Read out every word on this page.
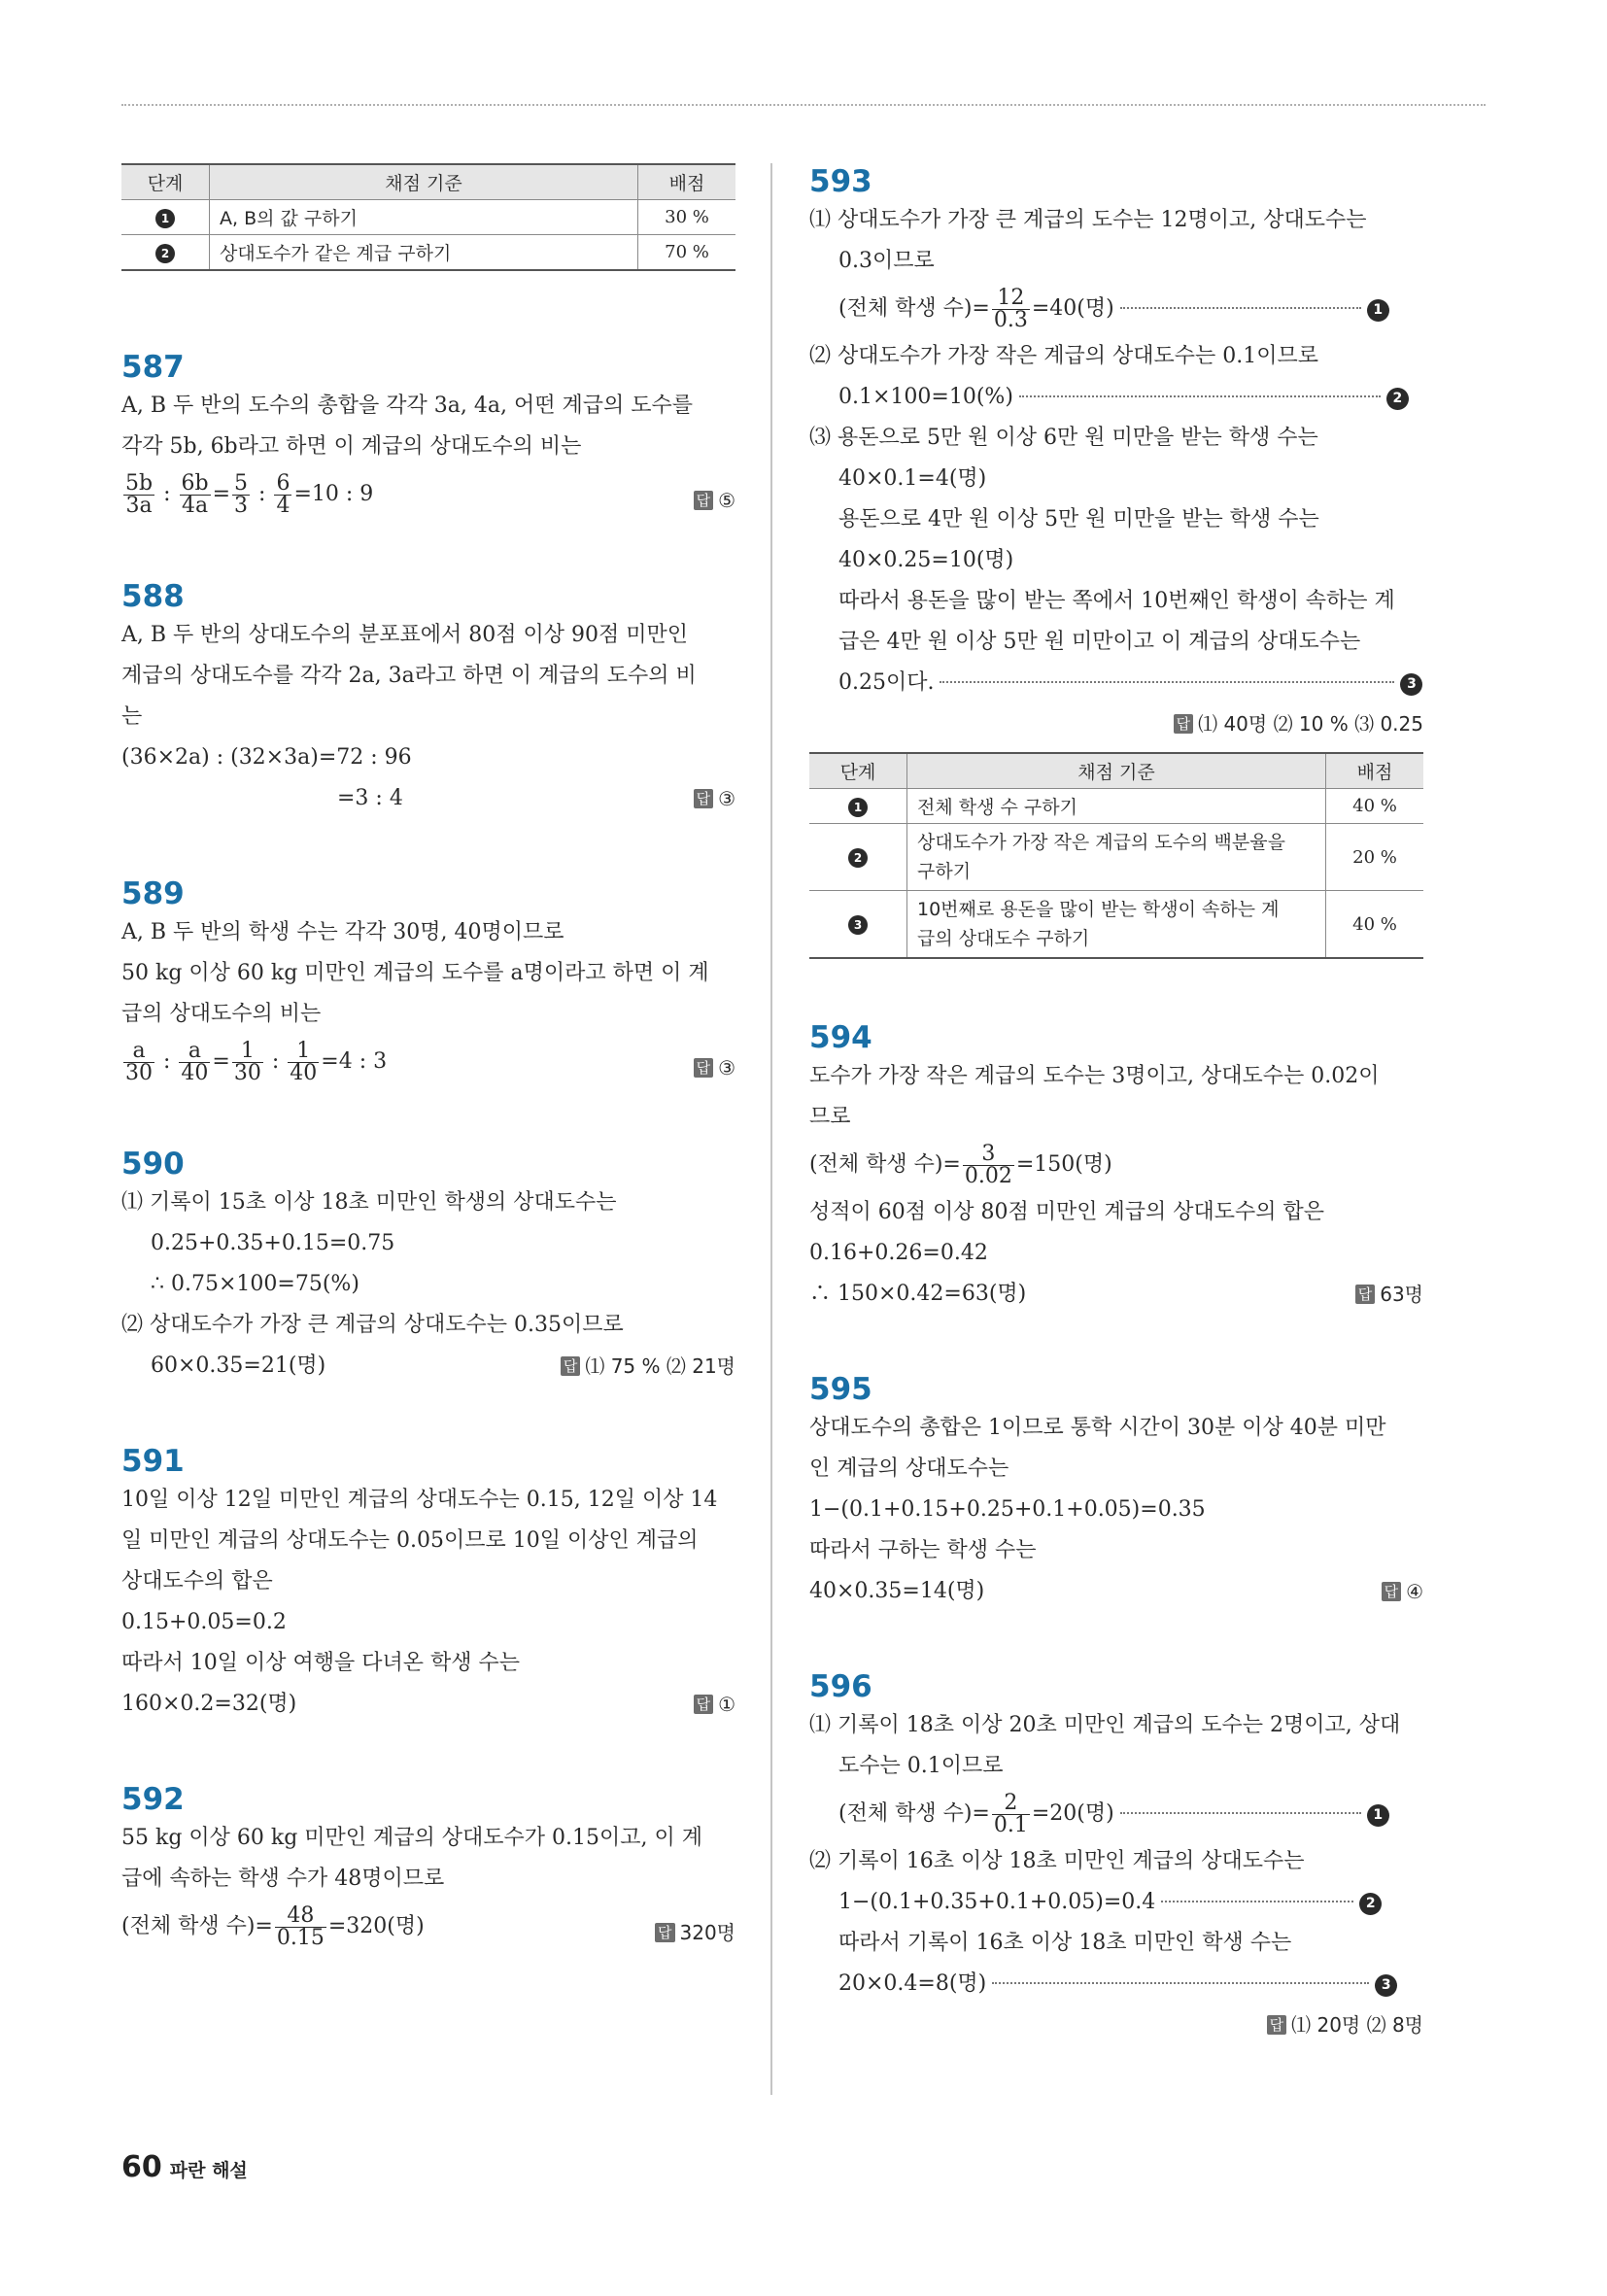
단계	채점 기준	배점
1	A, B의 값 구하기	30 %
2	상대도수가 같은 계급 구하기	70 %
587
A, B 두 반의 도수의 총합을 각각 3a, 4a, 어떤 계급의 도수를
각각 5b, 6b라고 하면 이 계급의 상대도수의 비는
$\frac{5b}{3a}$ : $\frac{6b}{4a} = \frac{5}{3}$ : $\frac{6}{4} =10$ : 9	답 ⑤
588
A, B 두 반의 상대도수의 분포표에서 80점 이상 90점 미만인
계급의 상대도수를 각각 2a, 3a라고 하면 이 계급의 도수의 비
는
(36×2a) : (32×3a)=72 : 96
=3 : 4	답 ③
589
A, B 두 반의 학생 수는 각각 30명, 40명이므로
50 kg 이상 60 kg 미만인 계급의 도수를 a명이라고 하면 이 계
급의 상대도수의 비는
$\frac{a}{30}$ : $\frac{a}{40} = \frac{1}{30}$ : $\frac{1}{40} =4$ : 3	답 ③
590
⑴ 기록이 15초 이상 18초 미만인 학생의 상대도수는
0.25+0.35+0.15=0.75
∴ 0.75×100=75(%)
⑵ 상대도수가 가장 큰 계급의 상대도수는 0.35이므로
60×0.35=21(명)	답 ⑴ 75 % ⑵ 21명
591
10일 이상 12일 미만인 계급의 상대도수는 0.15, 12일 이상 14
일 미만인 계급의 상대도수는 0.05이므로 10일 이상인 계급의
상대도수의 합은
0.15+0.05=0.2
따라서 10일 이상 여행을 다녀온 학생 수는
160×0.2=32(명)	답 ①
592
55 kg 이상 60 kg 미만인 계급의 상대도수가 0.15이고, 이 계
급에 속하는 학생 수가 48명이므로
(전체 학생 수)= $\frac{48}{0.15} =320$(명)	답 320명
593
⑴ 상대도수가 가장 큰 계급의 도수는 12명이고, 상대도수는
0.3이므로
(전체 학생 수)= $\frac{12}{0.3} =40$(명)	1
⑵ 상대도수가 가장 작은 계급의 상대도수는 0.1이므로
0.1×100=10(%)	2
⑶ 용돈으로 5만 원 이상 6만 원 미만을 받는 학생 수는
40×0.1=4(명)
용돈으로 4만 원 이상 5만 원 미만을 받는 학생 수는
40×0.25=10(명)
따라서 용돈을 많이 받는 쪽에서 10번째인 학생이 속하는 계
급은 4만 원 이상 5만 원 미만이고 이 계급의 상대도수는
0.25이다.	3
답 ⑴ 40명 ⑵ 10 % ⑶ 0.25
단계	채점 기준	배점
1	전체 학생 수 구하기	40 %
2	상대도수가 가장 작은 계급의 도수의 백분율을
구하기	20 %
3	10번째로 용돈을 많이 받는 학생이 속하는 계
급의 상대도수 구하기	40 %
594
도수가 가장 작은 계급의 도수는 3명이고, 상대도수는 0.02이
므로
(전체 학생 수)= $\frac{3}{0.02} =150$(명)
성적이 60점 이상 80점 미만인 계급의 상대도수의 합은
0.16+0.26=0.42
∴ 150×0.42=63(명)	답 63명
595
상대도수의 총합은 1이므로 통학 시간이 30분 이상 40분 미만
인 계급의 상대도수는
1−(0.1+0.15+0.25+0.1+0.05)=0.35
따라서 구하는 학생 수는
40×0.35=14(명)	답 ④
596
⑴ 기록이 18초 이상 20초 미만인 계급의 도수는 2명이고, 상대
도수는 0.1이므로
(전체 학생 수)= $\frac{2}{0.1} =20$(명)	1
⑵ 기록이 16초 이상 18초 미만인 계급의 상대도수는
1−(0.1+0.35+0.1+0.05)=0.4	2
따라서 기록이 16초 이상 18초 미만인 학생 수는
20×0.4=8(명)	3
답 ⑴ 20명 ⑵ 8명
60 파란 해설
